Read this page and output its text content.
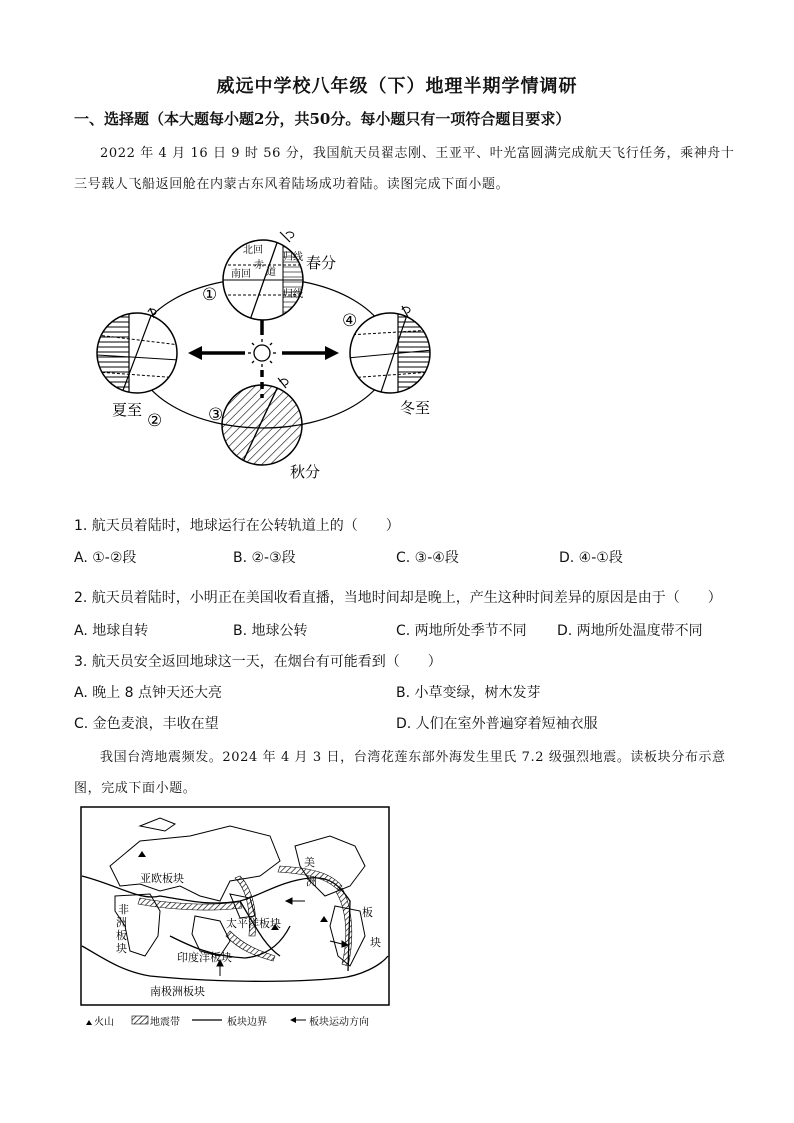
威远中学校八年级（下）地理半期学情调研
一、选择题（本大题每小题2分，共50分。每小题只有一项符合题目要求）
2022 年 4 月 16 日 9 时 56 分，我国航天员翟志刚、王亚平、叶光富圆满完成航天飞行任务，乘神舟十
三号载人飞船返回舱在内蒙古东风着陆场成功着陆。读图完成下面小题。
北回
归线
赤
道
南回
归线
春分
夏至	冬至
秋分
①
②	③
④
1. 航天员着陆时，地球运行在公转轨道上的（　　）
A. ①-②段	B. ②-③段	C. ③-④段	D. ④-①段
2. 航天员着陆时，小明正在美国收看直播，当地时间却是晚上，产生这种时间差异的原因是由于（　　）
A. 地球自转	B. 地球公转	C. 两地所处季节不同 D. 两地所处温度带不同
3. 航天员安全返回地球这一天，在烟台有可能看到（　　）
A. 晚上 8 点钟天还大亮	B. 小草变绿，树木发芽
C. 金色麦浪，丰收在望	D. 人们在室外普遍穿着短袖衣服
我国台湾地震频发。2024 年 4 月 3 日，台湾花莲东部外海发生里氏 7.2 级强烈地震。读板块分布示意
图，完成下面小题。
亚欧板块
非
洲
板
块
印度洋板块
太平洋板块
美
洲
板
块
南极洲板块
火山	地震带	板块边界	板块运动方向
